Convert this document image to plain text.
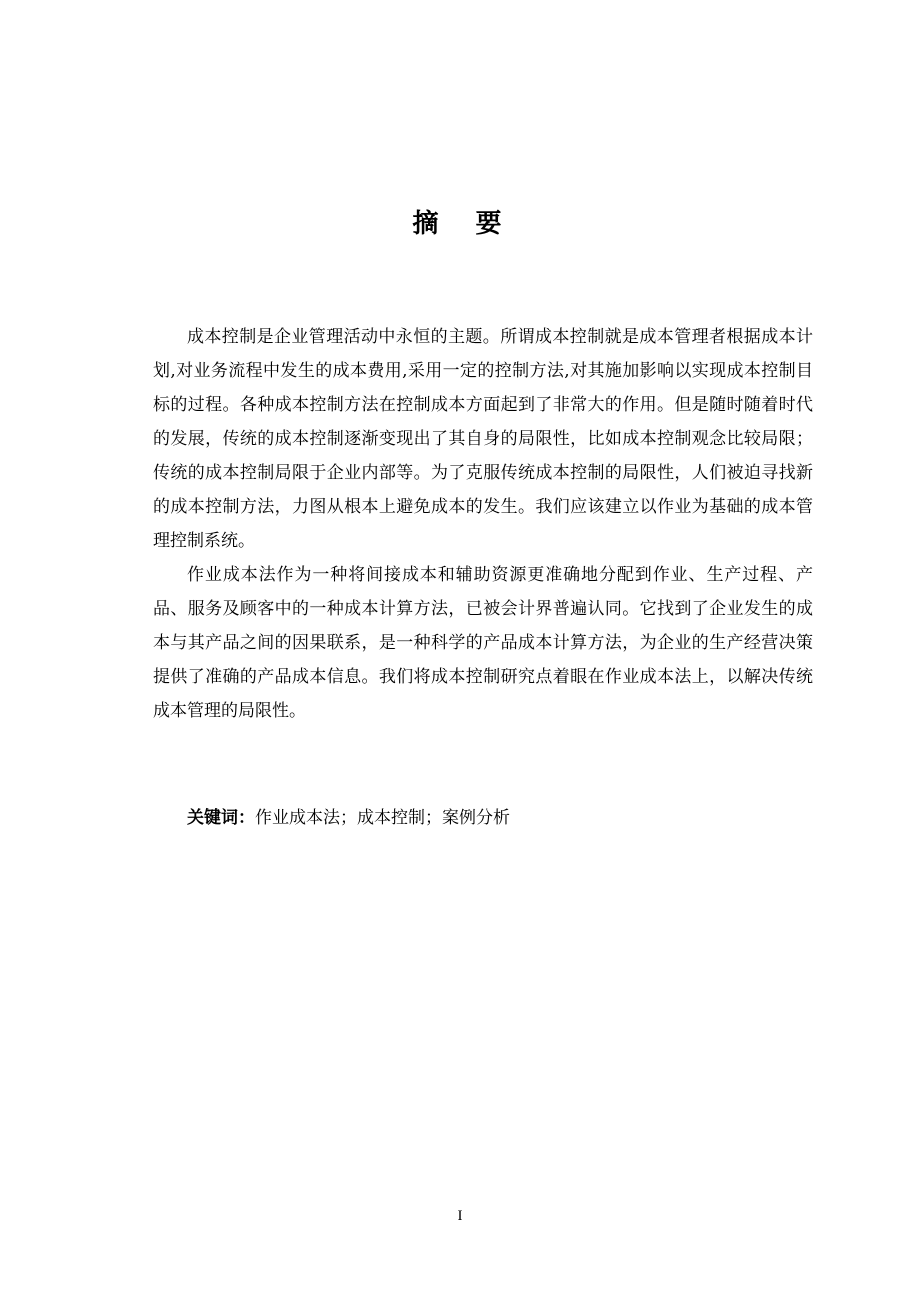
摘 要

成本控制是企业管理活动中永恒的主题。所谓成本控制就是成本管理者根据成本计划,对业务流程中发生的成本费用,采用一定的控制方法,对其施加影响以实现成本控制目标的过程。各种成本控制方法在控制成本方面起到了非常大的作用。但是随时随着时代的发展，传统的成本控制逐渐变现出了其自身的局限性，比如成本控制观念比较局限；传统的成本控制局限于企业内部等。为了克服传统成本控制的局限性，人们被迫寻找新的成本控制方法，力图从根本上避免成本的发生。我们应该建立以作业为基础的成本管理控制系统。

作业成本法作为一种将间接成本和辅助资源更准确地分配到作业、生产过程、产品、服务及顾客中的一种成本计算方法，已被会计界普遍认同。它找到了企业发生的成本与其产品之间的因果联系，是一种科学的产品成本计算方法，为企业的生产经营决策提供了准确的产品成本信息。我们将成本控制研究点着眼在作业成本法上，以解决传统成本管理的局限性。

关键词：作业成本法；成本控制；案例分析
I
